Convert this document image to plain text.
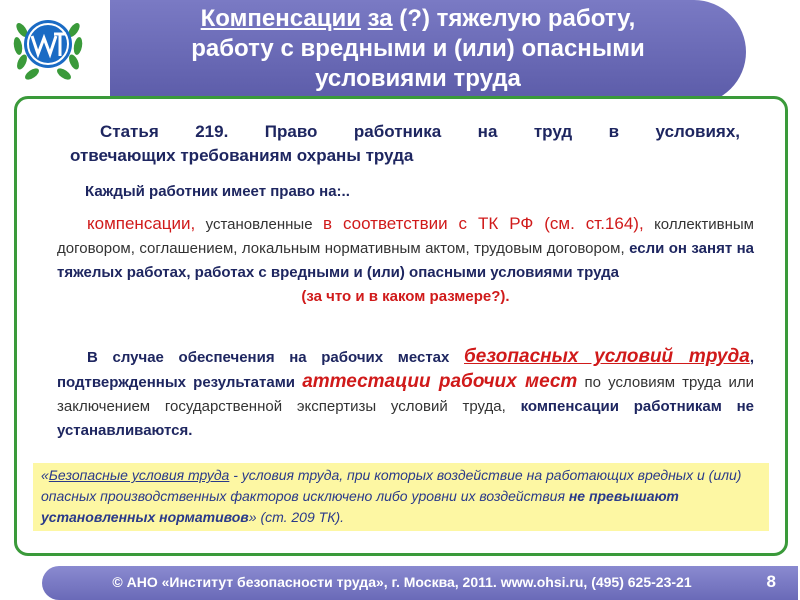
Компенсации за (?) тяжелую работу,
работу с вредными и (или) опасными
условиями труда
Статья 219. Право работника на труд в условиях,
отвечающих требованиям охраны труда
Каждый работник имеет право на:..
компенсации, установленные в соответствии с ТК РФ (см. ст.164), коллективным договором, соглашением, локальным нормативным актом, трудовым договором, если он занят на тяжелых работах, работах с вредными и (или) опасными условиями труда
(за что и в каком размере?).
В случае обеспечения на рабочих местах безопасных условий труда, подтвержденных результатами аттестации рабочих мест по условиям труда или заключением государственной экспертизы условий труда, компенсации работникам не устанавливаются.
«Безопасные условия труда - условия труда, при которых воздействие на работающих вредных и (или) опасных производственных факторов исключено либо уровни их воздействия не превышают установленных нормативов» (ст. 209 ТК).
© АНО «Институт безопасности труда», г. Москва, 2011. www.ohsi.ru, (495) 625-23-21	8
